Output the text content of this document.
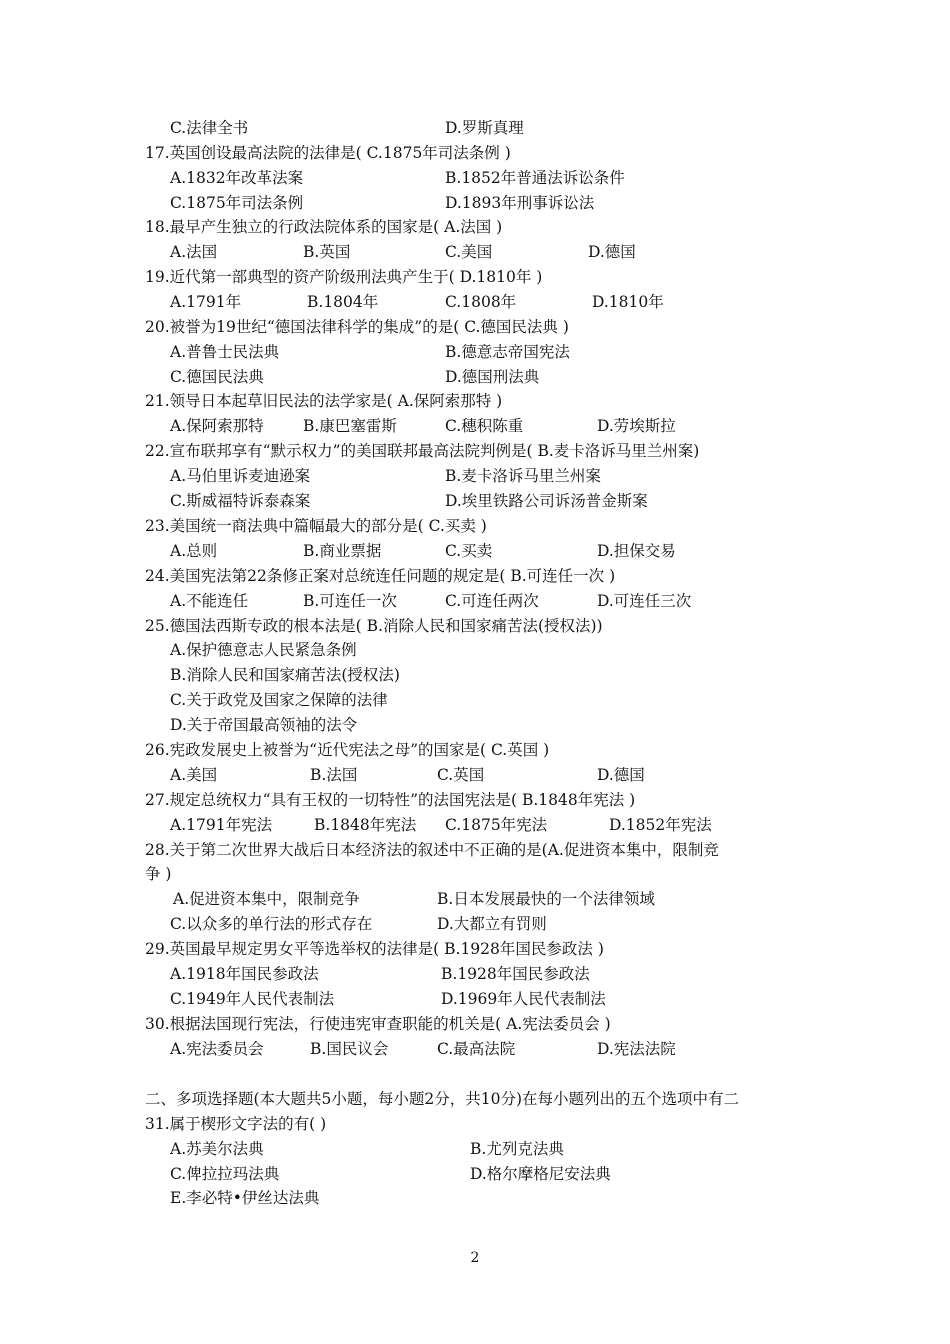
C.法律全书	D.罗斯真理
17.英国创设最高法院的法律是( C.1875年司法条例 )
A.1832年改革法案	B.1852年普通法诉讼条件
C.1875年司法条例	D.1893年刑事诉讼法
18.最早产生独立的行政法院体系的国家是( A.法国 )
A.法国	B.英国	C.美国	D.德国
19.近代第一部典型的资产阶级刑法典产生于( D.1810年 )
A.1791年	B.1804年	C.1808年	D.1810年
20.被誉为19世纪“德国法律科学的集成”的是( C.德国民法典 )
A.普鲁士民法典	B.德意志帝国宪法
C.德国民法典	D.德国刑法典
21.领导日本起草旧民法的法学家是( A.保阿索那特 )
A.保阿索那特	B.康巴塞雷斯	C.穗积陈重	D.劳埃斯拉
22.宣布联邦享有“默示权力”的美国联邦最高法院判例是( B.麦卡洛诉马里兰州案)
A.马伯里诉麦迪逊案	B.麦卡洛诉马里兰州案
C.斯威福特诉泰森案	D.埃里铁路公司诉汤普金斯案
23.美国统一商法典中篇幅最大的部分是( C.买卖 )
A.总则	B.商业票据	C.买卖	D.担保交易
24.美国宪法第22条修正案对总统连任问题的规定是( B.可连任一次 )
A.不能连任	B.可连任一次	C.可连任两次	D.可连任三次
25.德国法西斯专政的根本法是( B.消除人民和国家痛苦法(授权法))
A.保护德意志人民紧急条例
B.消除人民和国家痛苦法(授权法)
C.关于政党及国家之保障的法律
D.关于帝国最高领袖的法令
26.宪政发展史上被誉为“近代宪法之母”的国家是( C.英国 )
A.美国	B.法国	C.英国	D.德国
27.规定总统权力“具有王权的一切特性”的法国宪法是( B.1848年宪法 )
A.1791年宪法	B.1848年宪法 C.1875年宪法	D.1852年宪法
28.关于第二次世界大战后日本经济法的叙述中不正确的是(A.促进资本集中，限制竞
争 )
A.促进资本集中，限制竞争	B.日本发展最快的一个法律领域
C.以众多的单行法的形式存在	D.大都立有罚则
29.英国最早规定男女平等选举权的法律是( B.1928年国民参政法 )
A.1918年国民参政法	B.1928年国民参政法
C.1949年人民代表制法	D.1969年人民代表制法
30.根据法国现行宪法，行使违宪审查职能的机关是( A.宪法委员会 )
A.宪法委员会	B.国民议会	C.最高法院	D.宪法法院
二、多项选择题(本大题共5小题，每小题2分，共10分)在每小题列出的五个选项中有二
31.属于楔形文字法的有( )
A.苏美尔法典	B.尤列克法典
C.俾拉拉玛法典	D.格尔摩格尼安法典
E.李必特•伊丝达法典
2
